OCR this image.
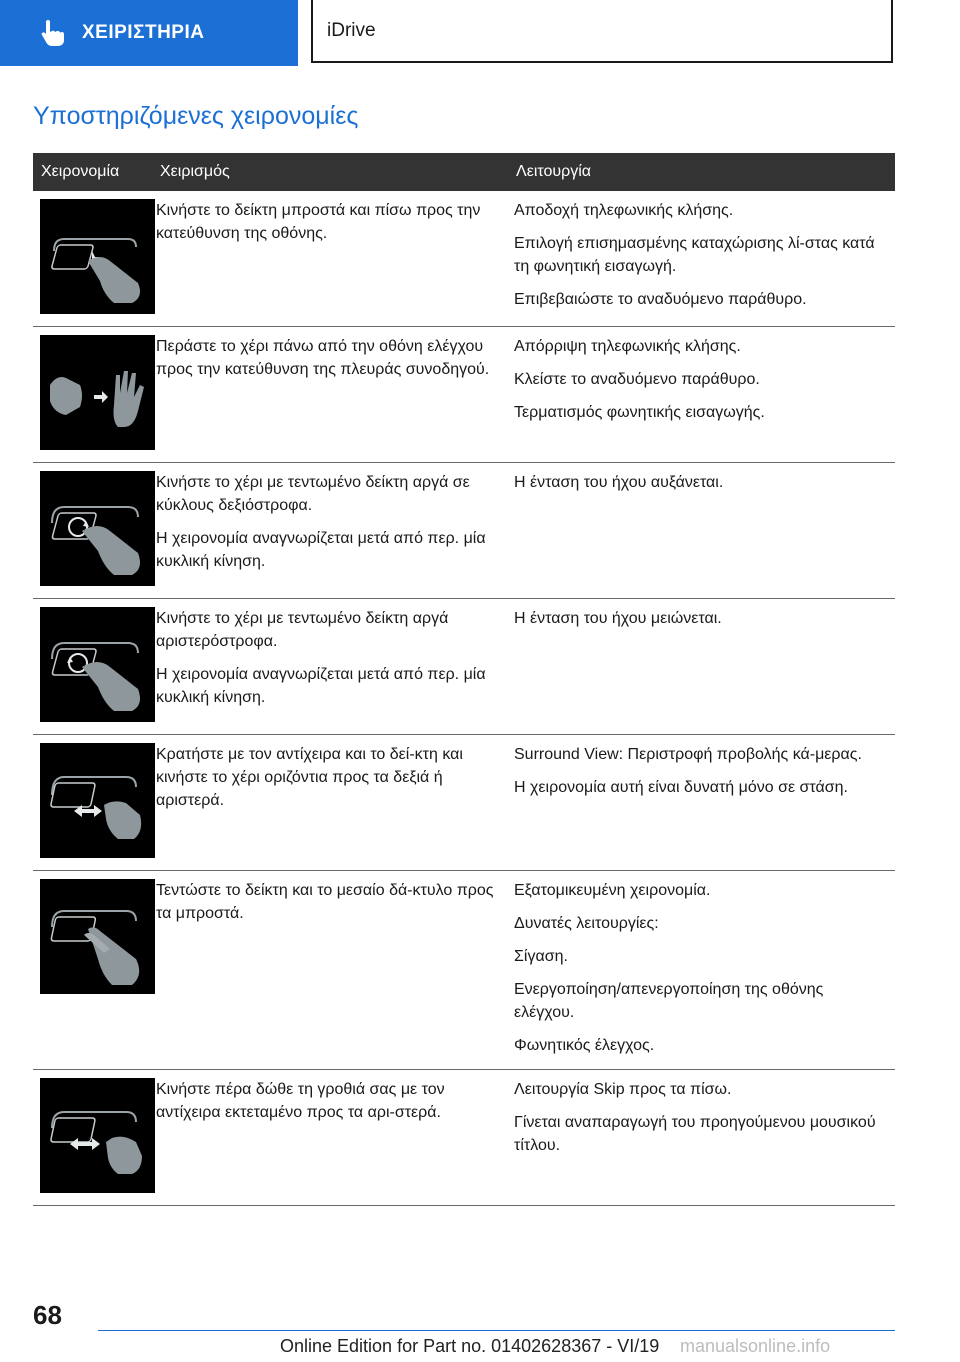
ΧΕΙΡΙΣΤΗΡΙΑ	iDrive
Υποστηριζόμενες χειρονομίες
Χειρονομία	Χειρισμός	Λειτουργία

Κινήστε το δείκτη μπροστά και πίσω προς την κατεύθυνση της οθόνης.	Αποδοχή τηλεφωνικής κλήσης.

Επιλογή επισημασμένης καταχώρισης λί-στας κατά τη φωνητική εισαγωγή.

Επιβεβαιώστε το αναδυόμενο παράθυρο.

Περάστε το χέρι πάνω από την οθόνη ελέγχου προς την κατεύθυνση της πλευράς συνοδηγού.	Απόρριψη τηλεφωνικής κλήσης.

Κλείστε το αναδυόμενο παράθυρο.

Τερματισμός φωνητικής εισαγωγής.

Κινήστε το χέρι με τεντωμένο δείκτη αργά σε κύκλους δεξιόστροφα.

Η χειρονομία αναγνωρίζεται μετά από περ. μία κυκλική κίνηση.	Η ένταση του ήχου αυξάνεται.

Κινήστε το χέρι με τεντωμένο δείκτη αργά αριστερόστροφα.

Η χειρονομία αναγνωρίζεται μετά από περ. μία κυκλική κίνηση.	Η ένταση του ήχου μειώνεται.

Κρατήστε με τον αντίχειρα και το δεί-κτη και κινήστε το χέρι οριζόντια προς τα δεξιά ή αριστερά.	Surround View: Περιστροφή προβολής κά-μερας.

Η χειρονομία αυτή είναι δυνατή μόνο σε στάση.

Τεντώστε το δείκτη και το μεσαίο δά-κτυλο προς τα μπροστά.	Εξατομικευμένη χειρονομία.

Δυνατές λειτουργίες:

Σίγαση.

Ενεργοποίηση/απενεργοποίηση της οθόνης ελέγχου.

Φωνητικός έλεγχος.

Κινήστε πέρα δώθε τη γροθιά σας με τον αντίχειρα εκτεταμένο προς τα αρι-στερά.	Λειτουργία Skip προς τα πίσω.

Γίνεται αναπαραγωγή του προηγούμενου μουσικού τίτλου.

68
Online Edition for Part no. 01402628367 - VI/19 manualsonline.info
